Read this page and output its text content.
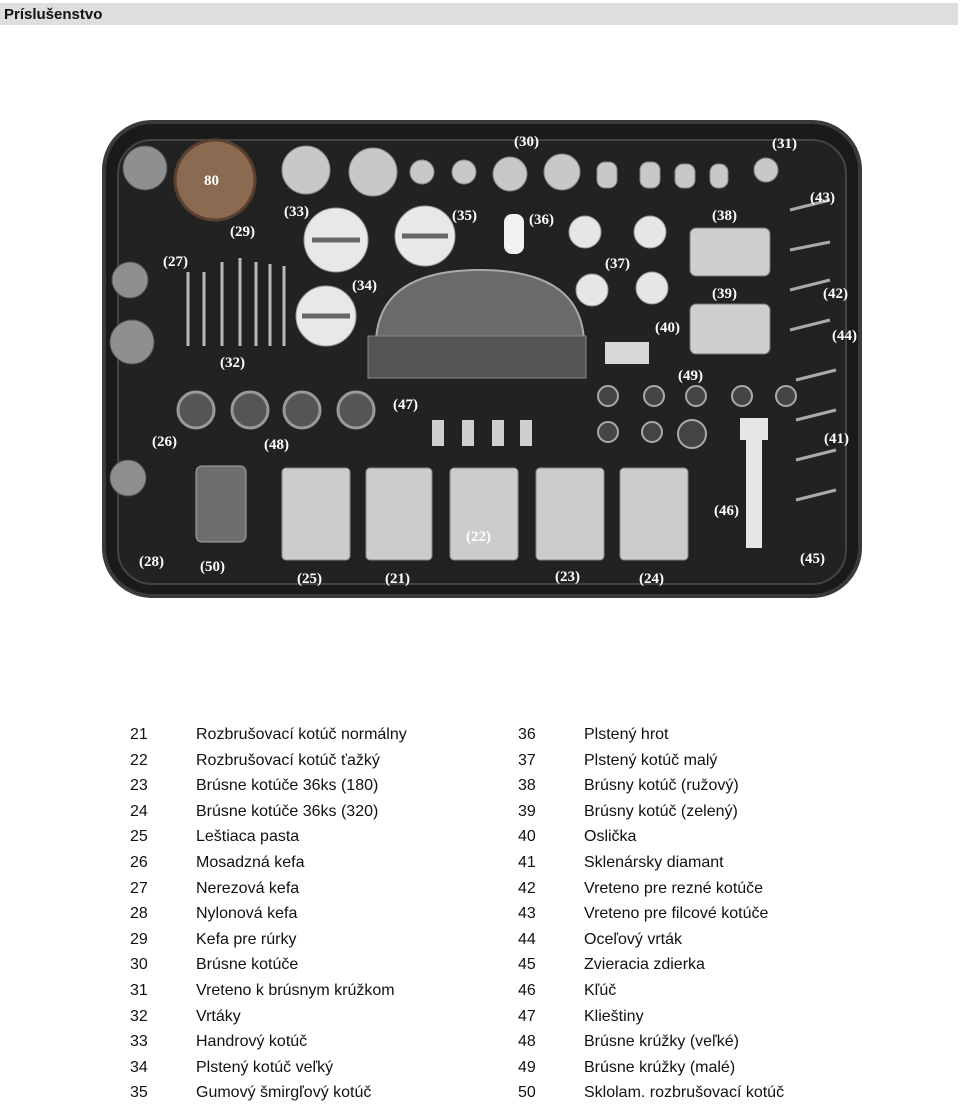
Príslušenstvo
80
(30)	(31)
(43)
(38)
(35)	(36)
(33)
(29)
(27)
(34)
(37)
(39)	(42)
(44)
(32)
(40)
(49)
(47)
(26)	(48)	(41)
(46)
(22)
(28) (50)
(25)	(21)	(23)	(24)
(45)
21	Rozbrušovací kotúč normálny
22	Rozbrušovací kotúč ťažký
23	Brúsne kotúče 36ks (180)
24	Brúsne kotúče 36ks (320)
25	Leštiaca pasta
26	Mosadzná kefa
27	Nerezová kefa
28	Nylonová kefa
29	Kefa pre rúrky
30	Brúsne kotúče
31	Vreteno k brúsnym krúžkom
32	Vrtáky
33	Handrový kotúč
34	Plstený kotúč veľký
35	Gumový šmirgľový kotúč
36	Plstený hrot
37	Plstený kotúč malý
38	Brúsny kotúč (ružový)
39	Brúsny kotúč (zelený)
40	Oslička
41	Sklenársky diamant
42	Vreteno pre rezné kotúče
43	Vreteno pre filcové kotúče
44	Oceľový vrták
45	Zvieracia zdierka
46	Kľúč
47	Klieštiny
48	Brúsne krúžky (veľké)
49	Brúsne krúžky (malé)
50	Sklolam. rozbrušovací kotúč
